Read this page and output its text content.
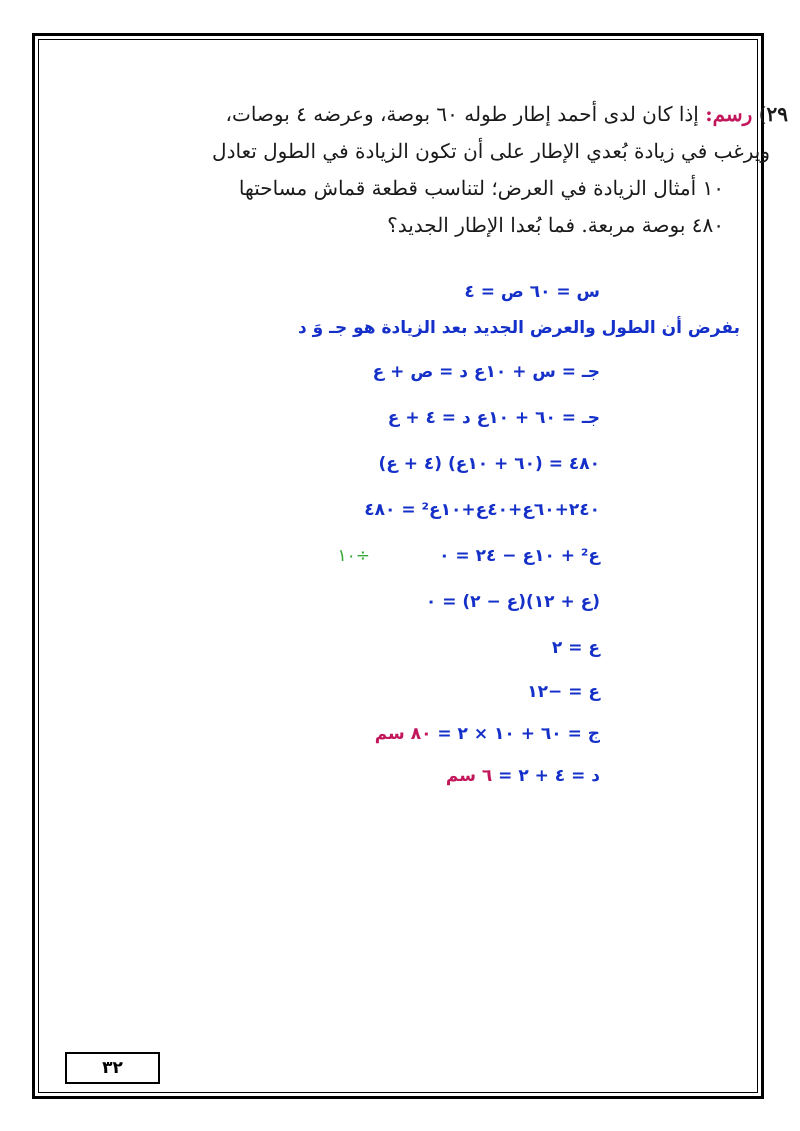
٢٩) رسم: إذا كان لدى أحمد إطار طوله ٦٠ بوصة، وعرضه ٤ بوصات،
ويرغب في زيادة بُعدي الإطار على أن تكون الزيادة في الطول تعادل
١٠ أمثال الزيادة في العرض؛ لتناسب قطعة قماش مساحتها
٤٨٠ بوصة مربعة. فما بُعدا الإطار الجديد؟
س = ٦٠ ص = ٤
بفرض أن الطول والعرض الجديد بعد الزيادة هو جـ وَ د
جـ = س + ١٠ع د = ص + ع
جـ = ٦٠ + ١٠ع د = ٤ + ع
٤٨٠ = (٦٠ + ١٠ع) (٤ + ع)
٢٤٠+٦٠ع+٤٠ع+١٠ع² = ٤٨٠
ع² + ١٠ع − ٢٤ = ٠
÷١٠
(ع + ١٢)(ع − ٢) = ٠
ع = ٢
ع = −١٢
ج = ٦٠ + ١٠ × ٢ = ٨٠ سم
د = ٤ + ٢ = ٦ سم
٣٢
